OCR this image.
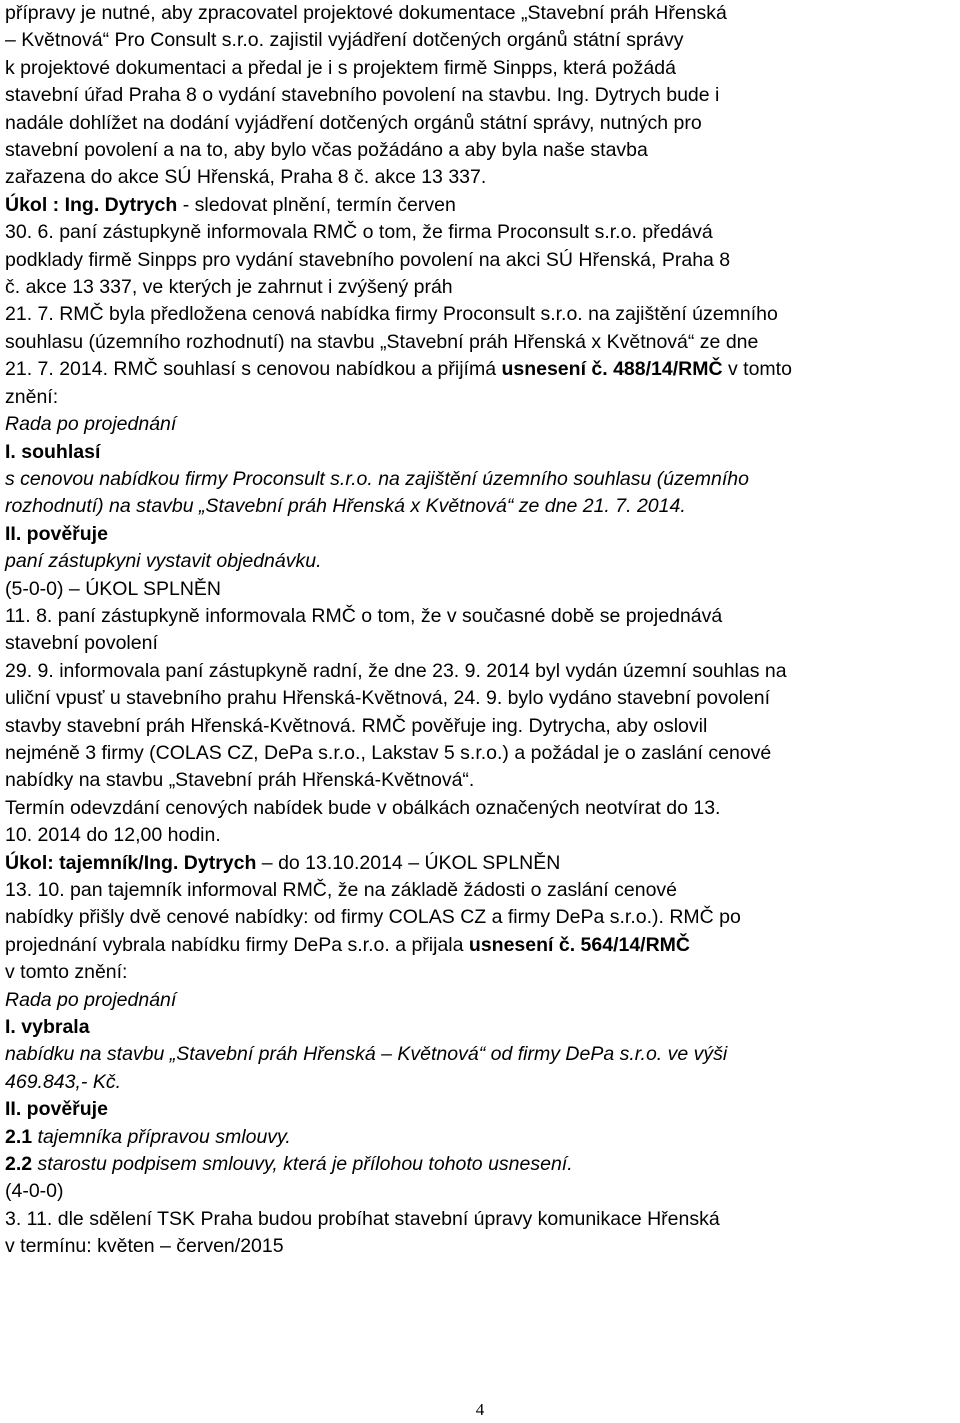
přípravy je nutné, aby zpracovatel projektové dokumentace „Stavební práh Hřenská

– Květnová“ Pro Consult s.r.o. zajistil vyjádření dotčených orgánů státní správy

k projektové dokumentaci a předal je i s projektem firmě Sinpps, která požádá

stavební úřad Praha 8 o vydání stavebního povolení na stavbu. Ing. Dytrych bude i

nadále dohlížet na dodání vyjádření dotčených orgánů státní správy, nutných pro

stavební povolení a na to, aby bylo včas požádáno a aby byla naše stavba

zařazena do akce SÚ Hřenská, Praha 8 č. akce 13 337.

Úkol : Ing. Dytrych - sledovat plnění, termín červen

30. 6. paní zástupkyně informovala RMČ o tom, že firma Proconsult s.r.o. předává

podklady firmě Sinpps pro vydání stavebního povolení na akci SÚ Hřenská, Praha 8

č. akce 13 337, ve kterých je zahrnut i zvýšený práh

21. 7. RMČ byla předložena cenová nabídka firmy Proconsult s.r.o. na zajištění územního

souhlasu (územního rozhodnutí) na stavbu „Stavební práh Hřenská x Květnová“ ze dne

21. 7. 2014. RMČ souhlasí s cenovou nabídkou a přijímá usnesení č. 488/14/RMČ v tomto

znění:

Rada po projednání

I. souhlasí

s cenovou nabídkou firmy Proconsult s.r.o. na zajištění územního souhlasu (územního

rozhodnutí) na stavbu „Stavební práh Hřenská x Květnová“ ze dne 21. 7. 2014.

II. pověřuje

paní zástupkyni vystavit objednávku.

(5-0-0) – ÚKOL SPLNĚN

11. 8. paní zástupkyně informovala RMČ o tom, že v současné době se projednává

stavební povolení

29. 9. informovala paní zástupkyně radní, že dne 23. 9. 2014 byl vydán územní souhlas na

uliční vpusť u stavebního prahu Hřenská-Květnová, 24. 9. bylo vydáno stavební povolení

stavby stavební práh Hřenská-Květnová. RMČ pověřuje ing. Dytrycha, aby oslovil

nejméně 3 firmy (COLAS CZ, DePa s.r.o., Lakstav 5 s.r.o.) a požádal je o zaslání cenové

nabídky na stavbu „Stavební práh Hřenská-Květnová“.

Termín odevzdání cenových nabídek bude v obálkách označených neotvírat do 13.

10. 2014 do 12,00 hodin.

Úkol: tajemník/Ing. Dytrych – do 13.10.2014 – ÚKOL SPLNĚN

13. 10. pan tajemník informoval RMČ, že na základě žádosti o zaslání cenové

nabídky přišly dvě cenové nabídky: od firmy COLAS CZ a firmy DePa s.r.o.). RMČ po

projednání vybrala nabídku firmy DePa s.r.o. a přijala usnesení č. 564/14/RMČ

v tomto znění:

Rada po projednání

I. vybrala

nabídku na stavbu „Stavební práh Hřenská – Květnová“ od firmy DePa s.r.o. ve výši

469.843,- Kč.

II. pověřuje

2.1 tajemníka přípravou smlouvy.

2.2 starostu podpisem smlouvy, která je přílohou tohoto usnesení.

(4-0-0)

3. 11. dle sdělení TSK Praha budou probíhat stavební úpravy komunikace Hřenská

v termínu: květen – červen/2015

4
